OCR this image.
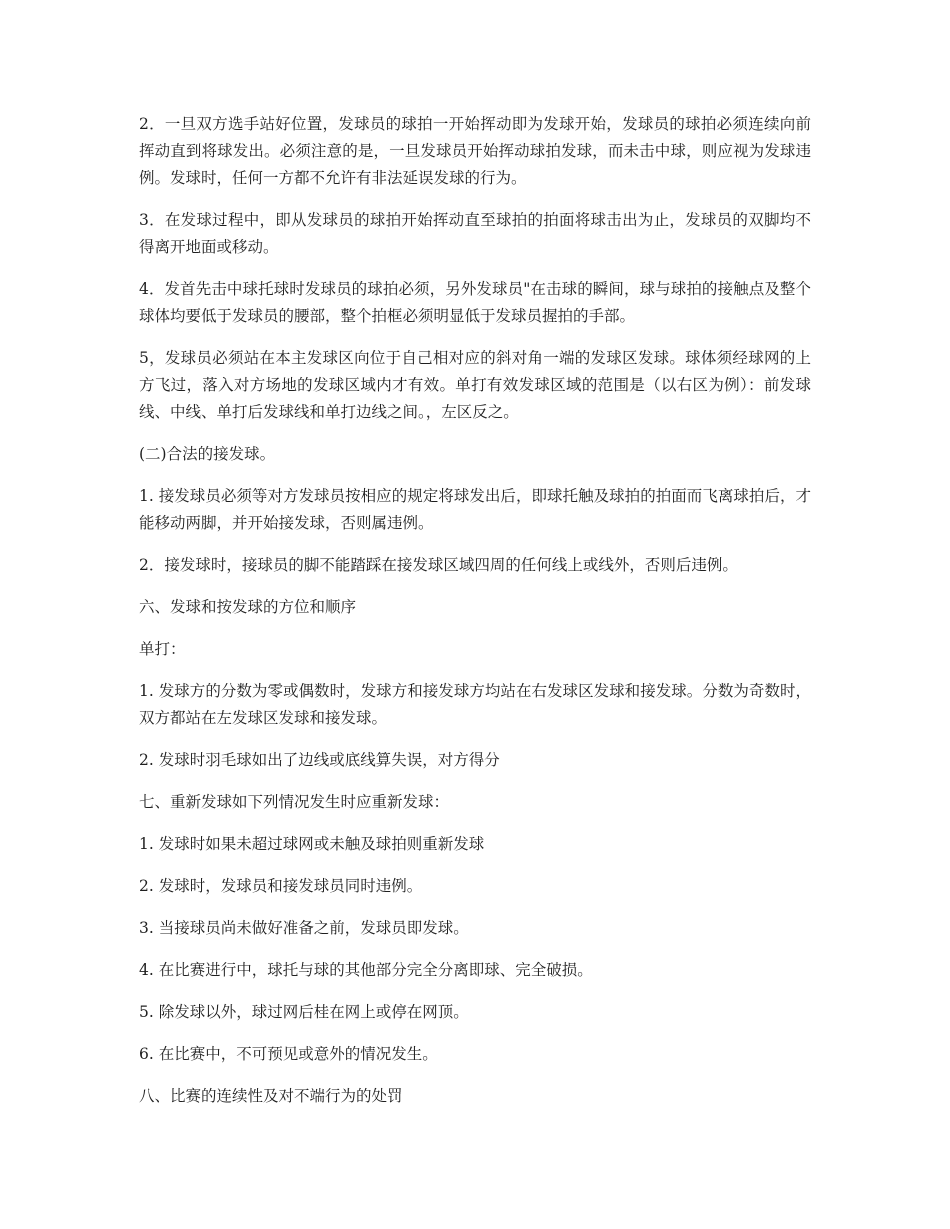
2．一旦双方选手站好位置，发球员的球拍一开始挥动即为发球开始，发球员的球拍必须连续向前挥动直到将球发出。必须注意的是，一旦发球员开始挥动球拍发球，而未击中球，则应视为发球违例。发球时，任何一方都不允许有非法延误发球的行为。

3．在发球过程中，即从发球员的球拍开始挥动直至球拍的拍面将球击出为止，发球员的双脚均不得离开地面或移动。

4．发首先击中球托球时发球员的球拍必须，另外发球员"在击球的瞬间，球与球拍的接触点及整个球体均要低于发球员的腰部，整个拍框必须明显低于发球员握拍的手部。

5，发球员必须站在本主发球区向位于自己相对应的斜对角一端的发球区发球。球体须经球网的上方飞过，落入对方场地的发球区域内才有效。单打有效发球区域的范围是（以右区为例）：前发球线、中线、单打后发球线和单打边线之间。，左区反之。

(二)合法的接发球。

1. 接发球员必须等对方发球员按相应的规定将球发出后，即球托触及球拍的拍面而飞离球拍后，才能移动两脚，并开始接发球，否则属违例。

2．接发球时，接球员的脚不能踏踩在接发球区域四周的任何线上或线外，否则后违例。

六、发球和按发球的方位和顺序

单打：

1. 发球方的分数为零或偶数时，发球方和接发球方均站在右发球区发球和接发球。分数为奇数时，双方都站在左发球区发球和接发球。

2. 发球时羽毛球如出了边线或底线算失误，对方得分

七、重新发球如下列情况发生时应重新发球：

1. 发球时如果未超过球网或未触及球拍则重新发球

2. 发球时，发球员和接发球员同时违例。

3. 当接球员尚未做好准备之前，发球员即发球。

4. 在比赛进行中，球托与球的其他部分完全分离即球、完全破损。

5. 除发球以外，球过网后桂在网上或停在网顶。

6. 在比赛中，不可预见或意外的情况发生。

八、比赛的连续性及对不端行为的处罚
